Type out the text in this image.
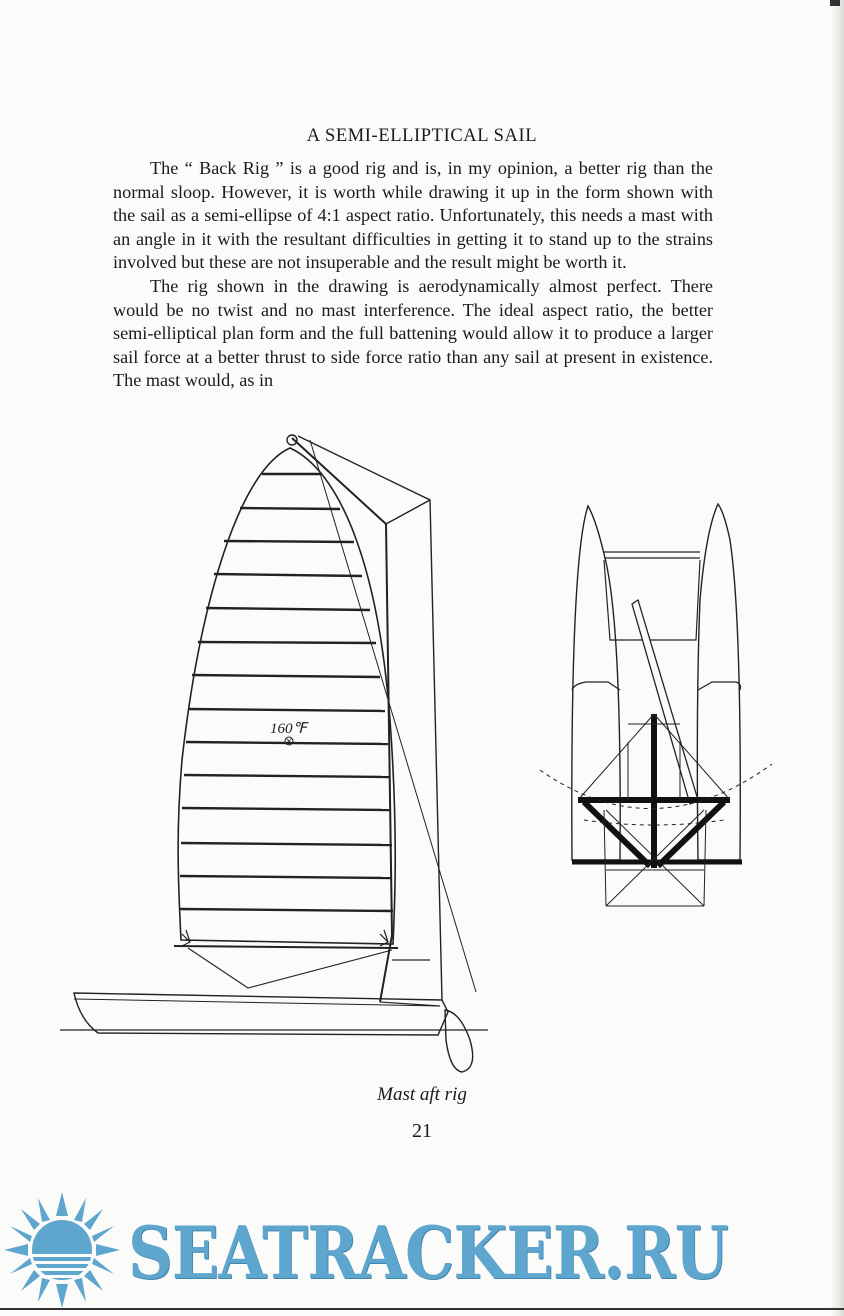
A SEMI-ELLIPTICAL SAIL

The “ Back Rig ” is a good rig and is, in my opinion, a better rig than the normal sloop. However, it is worth while drawing it up in the form shown with the sail as a semi-ellipse of 4:1 aspect ratio. Unfortunately, this needs a mast with an angle in it with the resultant difficulties in getting it to stand up to the strains involved but these are not insuperable and the result might be worth it.

The rig shown in the drawing is aerodynamically almost perfect. There would be no twist and no mast interference. The ideal aspect ratio, the better semi-elliptical plan form and the full battening would allow it to produce a larger sail force at a better thrust to side force ratio than any sail at present in existence. The mast would, as in

160℉
Mast aft rig
21
SEATRACKER.RU
